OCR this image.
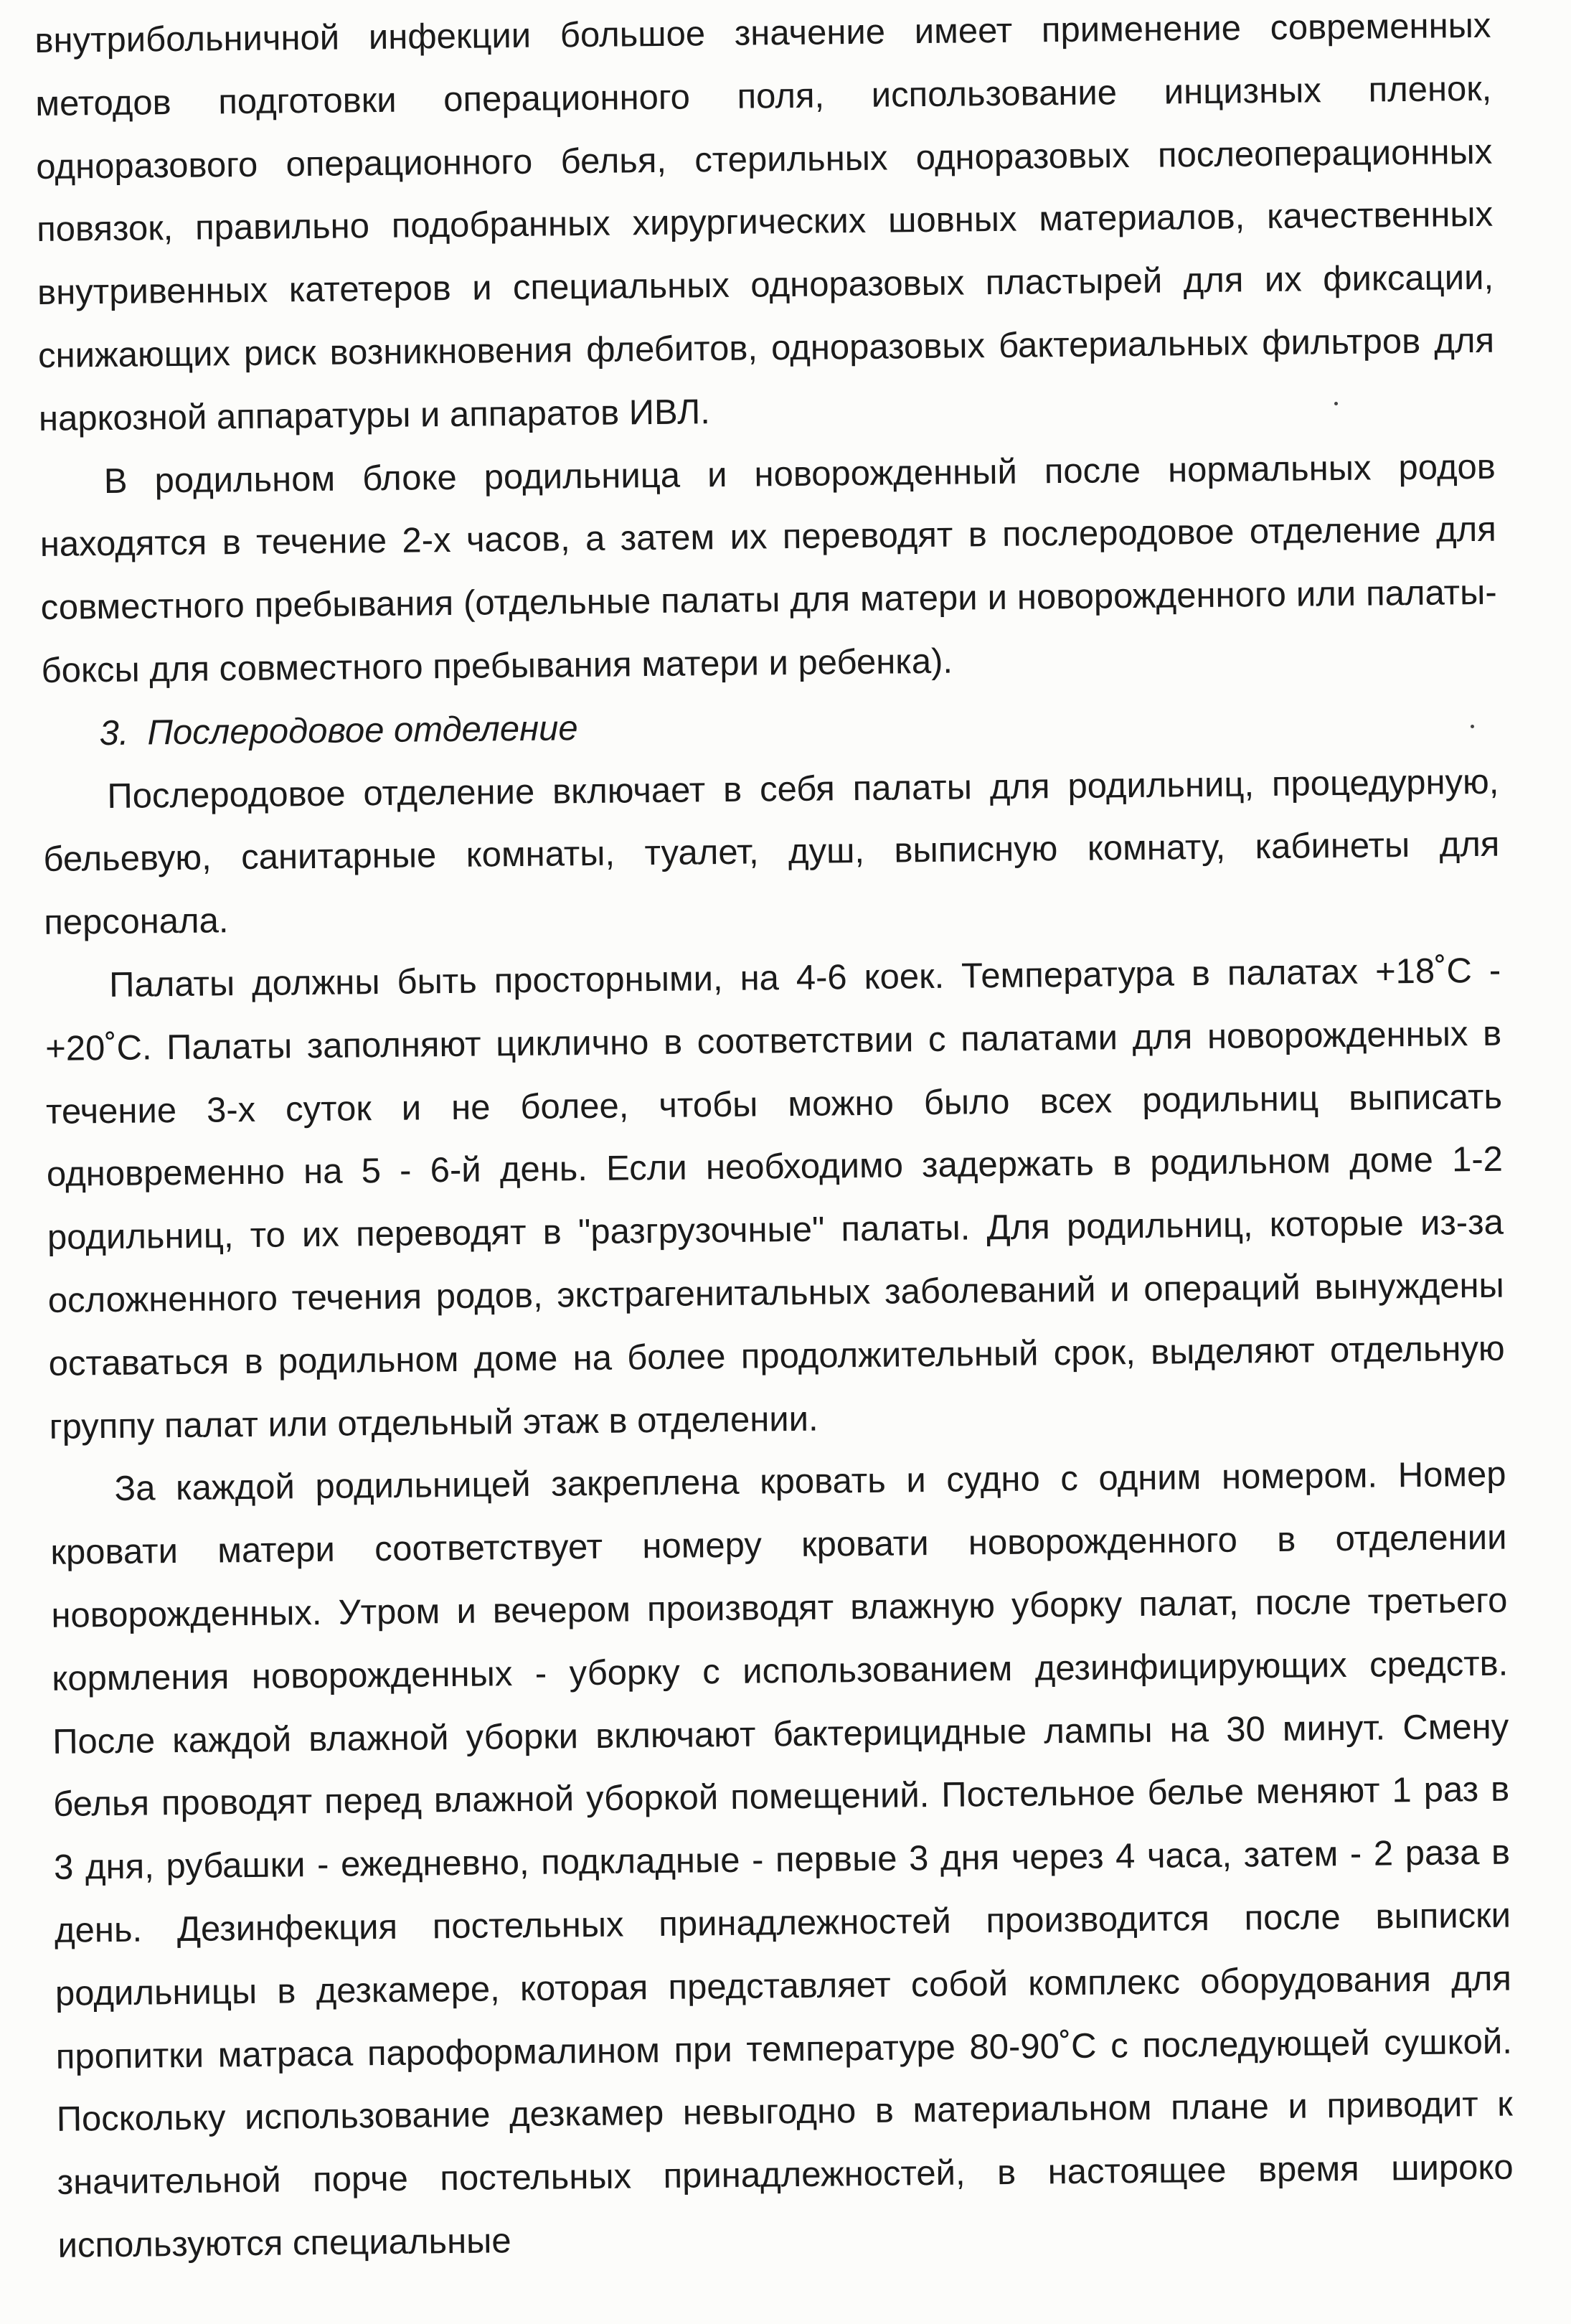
внутрибольничной инфекции большое значение имеет применение современных методов подготовки операционного поля, использование инцизных пленок, одноразового операционного белья, стерильных одноразовых послеоперационных повязок, правильно подобранных хирургических шовных материалов, качественных внутривенных катетеров и специальных одноразовых пластырей для их фиксации, снижающих риск возникновения флебитов, одноразовых бактериальных фильтров для наркозной аппаратуры и аппаратов ИВЛ.

В родильном блоке родильница и новорожденный после нормальных родов находятся в течение 2-х часов, а затем их переводят в послеродовое отделение для совместного пребывания (отдельные палаты для матери и новорожденного или палаты-боксы для совместного пребывания матери и ребенка).

3. Послеродовое отделение

Послеродовое отделение включает в себя палаты для родильниц, процедурную, бельевую, санитарные комнаты, туалет, душ, выписную комнату, кабинеты для персонала.

Палаты должны быть просторными, на 4-6 коек. Температура в палатах +18˚С - +20˚С. Палаты заполняют циклично в соответствии с палатами для новорожденных в течение 3-х суток и не более, чтобы можно было всех родильниц выписать одновременно на 5 - 6-й день. Если необходимо задержать в родильном доме 1-2 родильниц, то их переводят в "разгрузочные" палаты. Для родильниц, которые из-за осложненного течения родов, экстрагенитальных заболеваний и операций вынуждены оставаться в родильном доме на более продолжительный срок, выделяют отдельную группу палат или отдельный этаж в отделении.

За каждой родильницей закреплена кровать и судно с одним номером. Номер кровати матери соответствует номеру кровати новорожденного в отделении новорожденных. Утром и вечером производят влажную уборку палат, после третьего кормления новорожденных - уборку с использованием дезинфицирующих средств. После каждой влажной уборки включают бактерицидные лампы на 30 минут. Смену белья проводят перед влажной уборкой помещений. Постельное белье меняют 1 раз в 3 дня, рубашки - ежедневно, подкладные - первые 3 дня через 4 часа, затем - 2 раза в день. Дезинфекция постельных принадлежностей производится после выписки родильницы в дезкамере, которая представляет собой комплекс оборудования для пропитки матраса пароформалином при температуре 80-90˚С с последующей сушкой. Поскольку использование дезкамер невыгодно в материальном плане и приводит к значительной порче постельных принадлежностей, в настоящее время широко используются специальные
